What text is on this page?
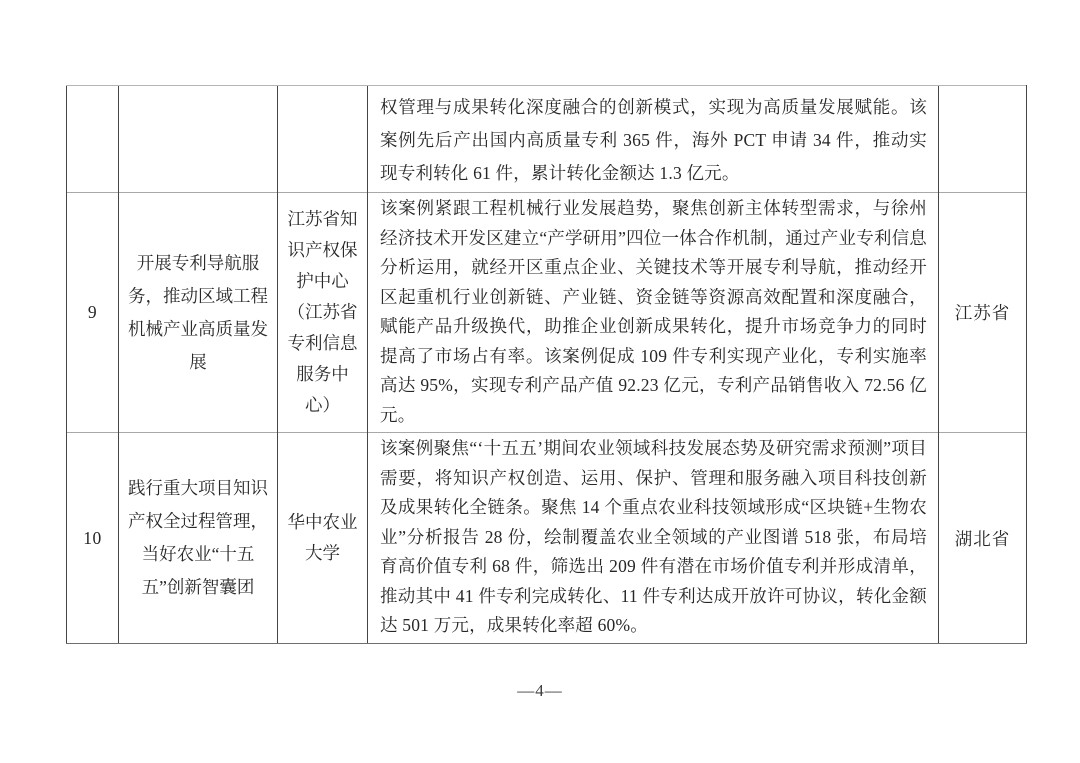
			权管理与成果转化深度融合的创新模式，实现为高质量发展赋能。该案例先后产出国内高质量专利 365 件，海外 PCT 申请 34 件，推动实现专利转化 61 件，累计转化金额达 1.3 亿元。	
9	开展专利导航服务，推动区域工程机械产业高质量发展	江苏省知识产权保护中心（江苏省专利信息服务中心）	该案例紧跟工程机械行业发展趋势，聚焦创新主体转型需求，与徐州经济技术开发区建立“产学研用”四位一体合作机制，通过产业专利信息分析运用，就经开区重点企业、关键技术等开展专利导航，推动经开区起重机行业创新链、产业链、资金链等资源高效配置和深度融合，赋能产品升级换代，助推企业创新成果转化，提升市场竞争力的同时提高了市场占有率。该案例促成 109 件专利实现产业化，专利实施率高达 95%，实现专利产品产值 92.23 亿元，专利产品销售收入 72.56 亿元。	江苏省
10	践行重大项目知识产权全过程管理，当好农业“十五五”创新智囊团	华中农业大学	该案例聚焦“‘十五五’期间农业领域科技发展态势及研究需求预测”项目需要，将知识产权创造、运用、保护、管理和服务融入项目科技创新及成果转化全链条。聚焦 14 个重点农业科技领域形成“区块链+生物农业”分析报告 28 份，绘制覆盖农业全领域的产业图谱 518 张，布局培育高价值专利 68 件，筛选出 209 件有潜在市场价值专利并形成清单，推动其中 41 件专利完成转化、11 件专利达成开放许可协议，转化金额达 501 万元，成果转化率超 60%。	湖北省
—4—
